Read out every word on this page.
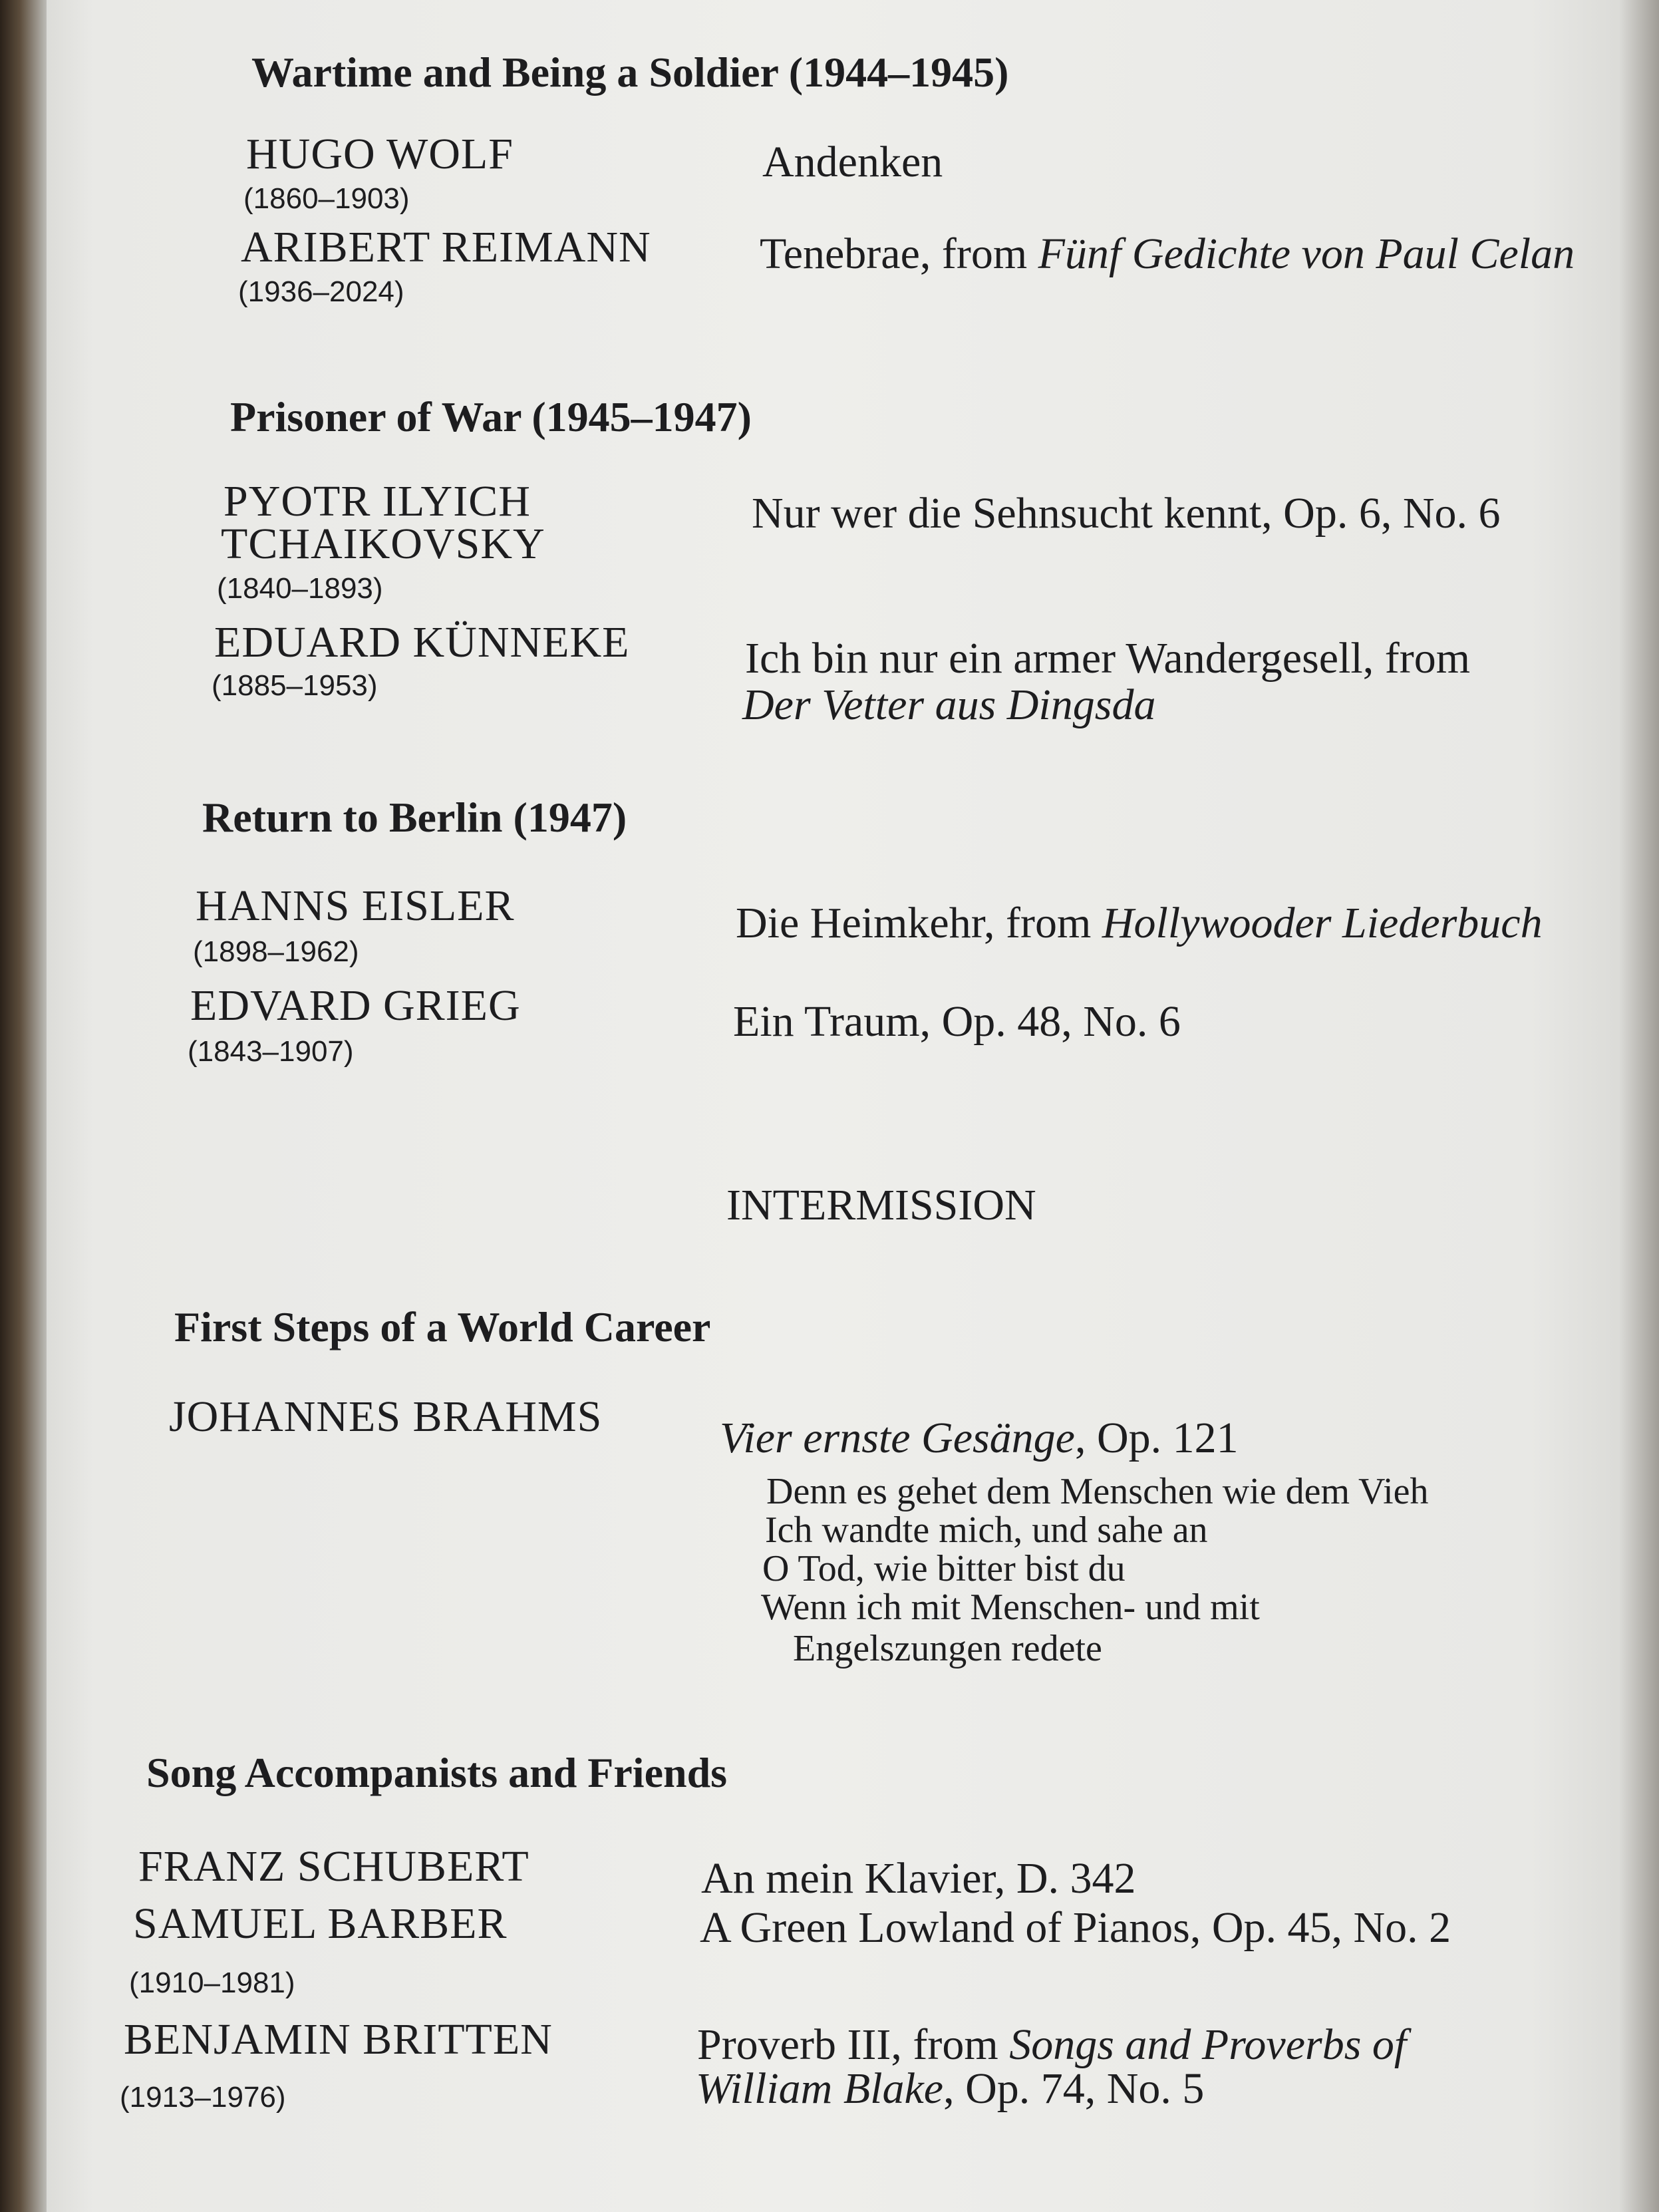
Wartime and Being a Soldier (1944–1945)
HUGO WOLF
(1860–1903)
Andenken
ARIBERT REIMANN
(1936–2024)
Tenebrae, from Fünf Gedichte von Paul Celan
Prisoner of War (1945–1947)
PYOTR ILYICH
TCHAIKOVSKY
(1840–1893)
Nur wer die Sehnsucht kennt, Op. 6, No. 6
EDUARD KÜNNEKE
(1885–1953)
Ich bin nur ein armer Wandergesell, from
Der Vetter aus Dingsda
Return to Berlin (1947)
HANNS EISLER
(1898–1962)
Die Heimkehr, from Hollywooder Liederbuch
EDVARD GRIEG
(1843–1907)
Ein Traum, Op. 48, No. 6
INTERMISSION
First Steps of a World Career
JOHANNES BRAHMS	Vier ernste Gesänge, Op. 121
Denn es gehet dem Menschen wie dem Vieh
Ich wandte mich, und sahe an
O Tod, wie bitter bist du
Wenn ich mit Menschen- und mit
Engelszungen redete
Song Accompanists and Friends
FRANZ SCHUBERT	An mein Klavier, D. 342
SAMUEL BARBER
(1910–1981)
A Green Lowland of Pianos, Op. 45, No. 2
BENJAMIN BRITTEN
(1913–1976)
Proverb III, from Songs and Proverbs of
William Blake, Op. 74, No. 5
